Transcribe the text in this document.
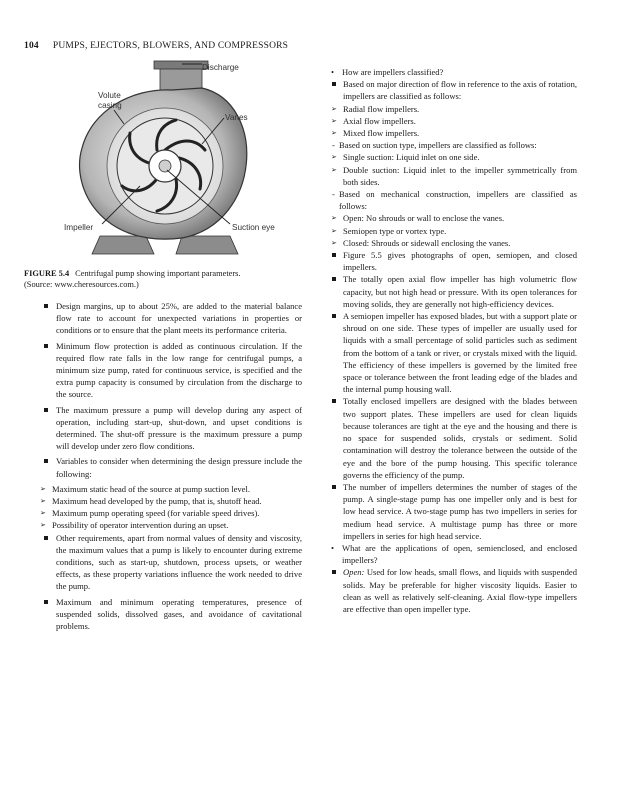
104 PUMPS, EJECTORS, BLOWERS, AND COMPRESSORS
Discharge
Volute
casing
Vanes
Impeller	Suction eye
FIGURE 5.4 Centrifugal pump showing important parameters.
(Source: www.cheresources.com.)

Design margins, up to about 25%, are added to the material balance flow rate to account for unexpected variations in properties or conditions or to ensure that the plant meets its performance criteria.

Minimum flow protection is added as continuous circulation. If the required flow rate falls in the low range for centrifugal pumps, a minimum size pump, rated for continuous service, is specified and the extra pump capacity is consumed by circulation from the discharge to the source.

The maximum pressure a pump will develop during any aspect of operation, including start-up, shut-down, and upset conditions is determined. The shut-off pressure is the maximum pressure a pump will develop under zero flow conditions.

Variables to consider when determining the design pressure include the following:

➢ Maximum static head of the source at pump suction level.

➢ Maximum head developed by the pump, that is, shutoff head.

➢ Maximum pump operating speed (for variable speed drives).

➢ Possibility of operator intervention during an upset.

Other requirements, apart from normal values of density and viscosity, the maximum values that a pump is likely to encounter during extreme conditions, such as start-up, shutdown, process upsets, or weather effects, as these property variations influence the work needed to drive the pump.

Maximum and minimum operating temperatures, presence of suspended solids, dissolved gases, and avoidance of cavitational problems.

• How are impellers classified?

Based on major direction of flow in reference to the axis of rotation, impellers are classified as follows:

➢ Radial flow impellers.

➢ Axial flow impellers.

➢ Mixed flow impellers.

- Based on suction type, impellers are classified as follows:

➢ Single suction: Liquid inlet on one side.

➢ Double suction: Liquid inlet to the impeller symmetrically from both sides.

- Based on mechanical construction, impellers are classified as follows:

➢ Open: No shrouds or wall to enclose the vanes.

➢ Semiopen type or vortex type.

➢ Closed: Shrouds or sidewall enclosing the vanes.

Figure 5.5 gives photographs of open, semiopen, and closed impellers.

The totally open axial flow impeller has high volumetric flow capacity, but not high head or pressure. With its open tolerances for moving solids, they are generally not high-efficiency devices.

A semiopen impeller has exposed blades, but with a support plate or shroud on one side. These types of impeller are usually used for liquids with a small percentage of solid particles such as sediment from the bottom of a tank or river, or crystals mixed with the liquid. The efficiency of these impellers is governed by the limited free space or tolerance between the front leading edge of the blades and the internal pump housing wall.

Totally enclosed impellers are designed with the blades between two support plates. These impellers are used for clean liquids because tolerances are tight at the eye and the housing and there is no space for suspended solids, crystals or sediment. Solid contamination will destroy the tolerance between the outside of the eye and the bore of the pump housing. This specific tolerance governs the efficiency of the pump.

The number of impellers determines the number of stages of the pump. A single-stage pump has one impeller only and is best for low head service. A two-stage pump has two impellers in series for medium head service. A multistage pump has three or more impellers in series for high head service.

• What are the applications of open, semienclosed, and enclosed impellers?

Open: Used for low heads, small flows, and liquids with suspended solids. May be preferable for higher viscosity liquids. Easier to clean as well as relatively self-cleaning. Axial flow-type impellers are effective than open impeller type.
